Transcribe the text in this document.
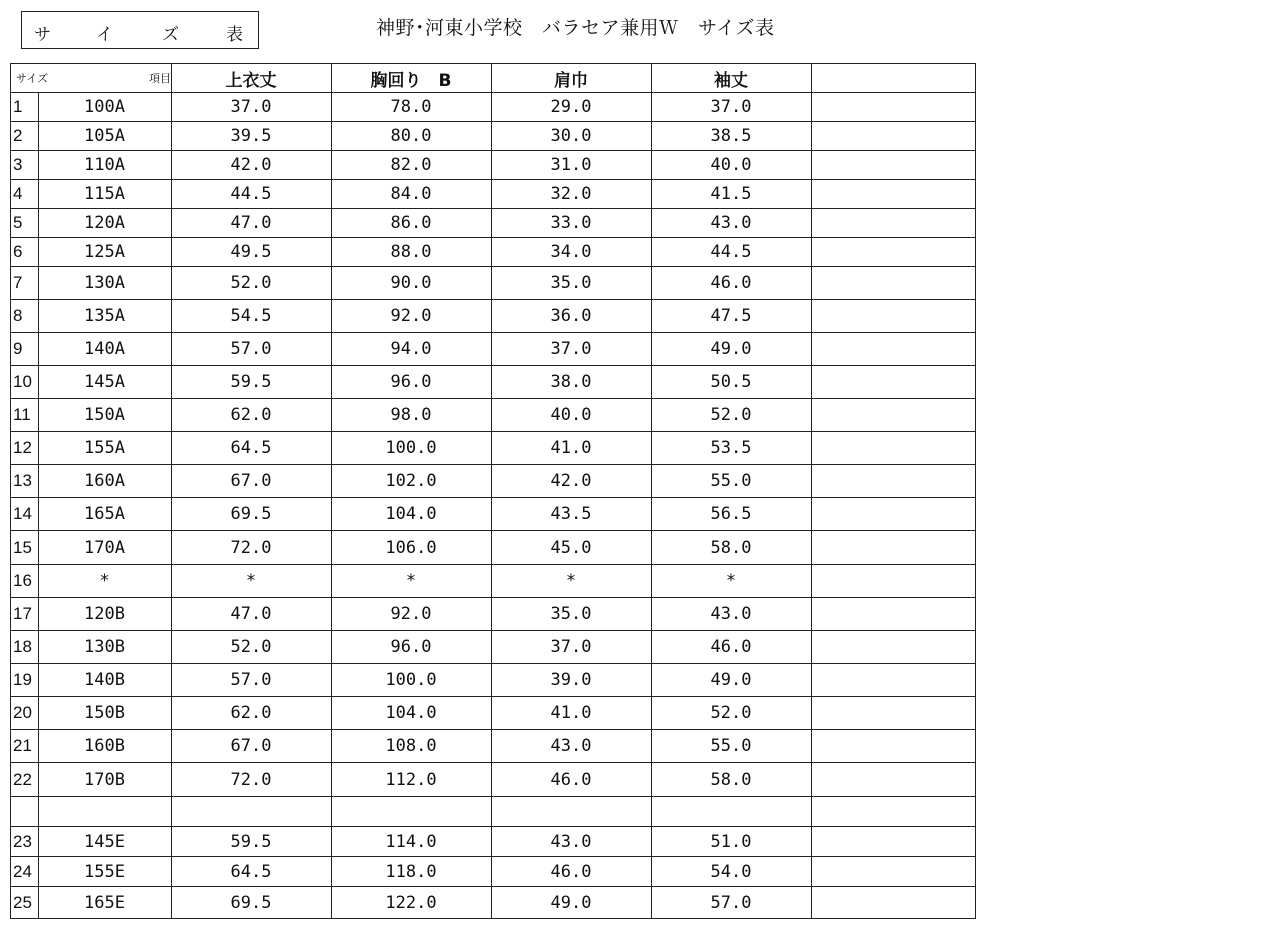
サ	イ	ズ	表	神野･河東小学校　バラセア兼用Ｗ　サイズ表
サイズ	項目	上衣丈	胸回り　B	肩巾	袖丈
1	100A	37.0	78.0	29.0	37.0
2	105A	39.5	80.0	30.0	38.5
3	110A	42.0	82.0	31.0	40.0
4	115A	44.5	84.0	32.0	41.5
5	120A	47.0	86.0	33.0	43.0
6	125A	49.5	88.0	34.0	44.5
7	130A	52.0	90.0	35.0	46.0
8	135A	54.5	92.0	36.0	47.5
9	140A	57.0	94.0	37.0	49.0
10	145A	59.5	96.0	38.0	50.5
11	150A	62.0	98.0	40.0	52.0
12	155A	64.5	100.0	41.0	53.5
13	160A	67.0	102.0	42.0	55.0
14	165A	69.5	104.0	43.5	56.5
15	170A	72.0	106.0	45.0	58.0
16	*	*	*	*	*
17	120B	47.0	92.0	35.0	43.0
18	130B	52.0	96.0	37.0	46.0
19	140B	57.0	100.0	39.0	49.0
20	150B	62.0	104.0	41.0	52.0
21	160B	67.0	108.0	43.0	55.0
22	170B	72.0	112.0	46.0	58.0
23	145E	59.5	114.0	43.0	51.0
24	155E	64.5	118.0	46.0	54.0
25	165E	69.5	122.0	49.0	57.0
